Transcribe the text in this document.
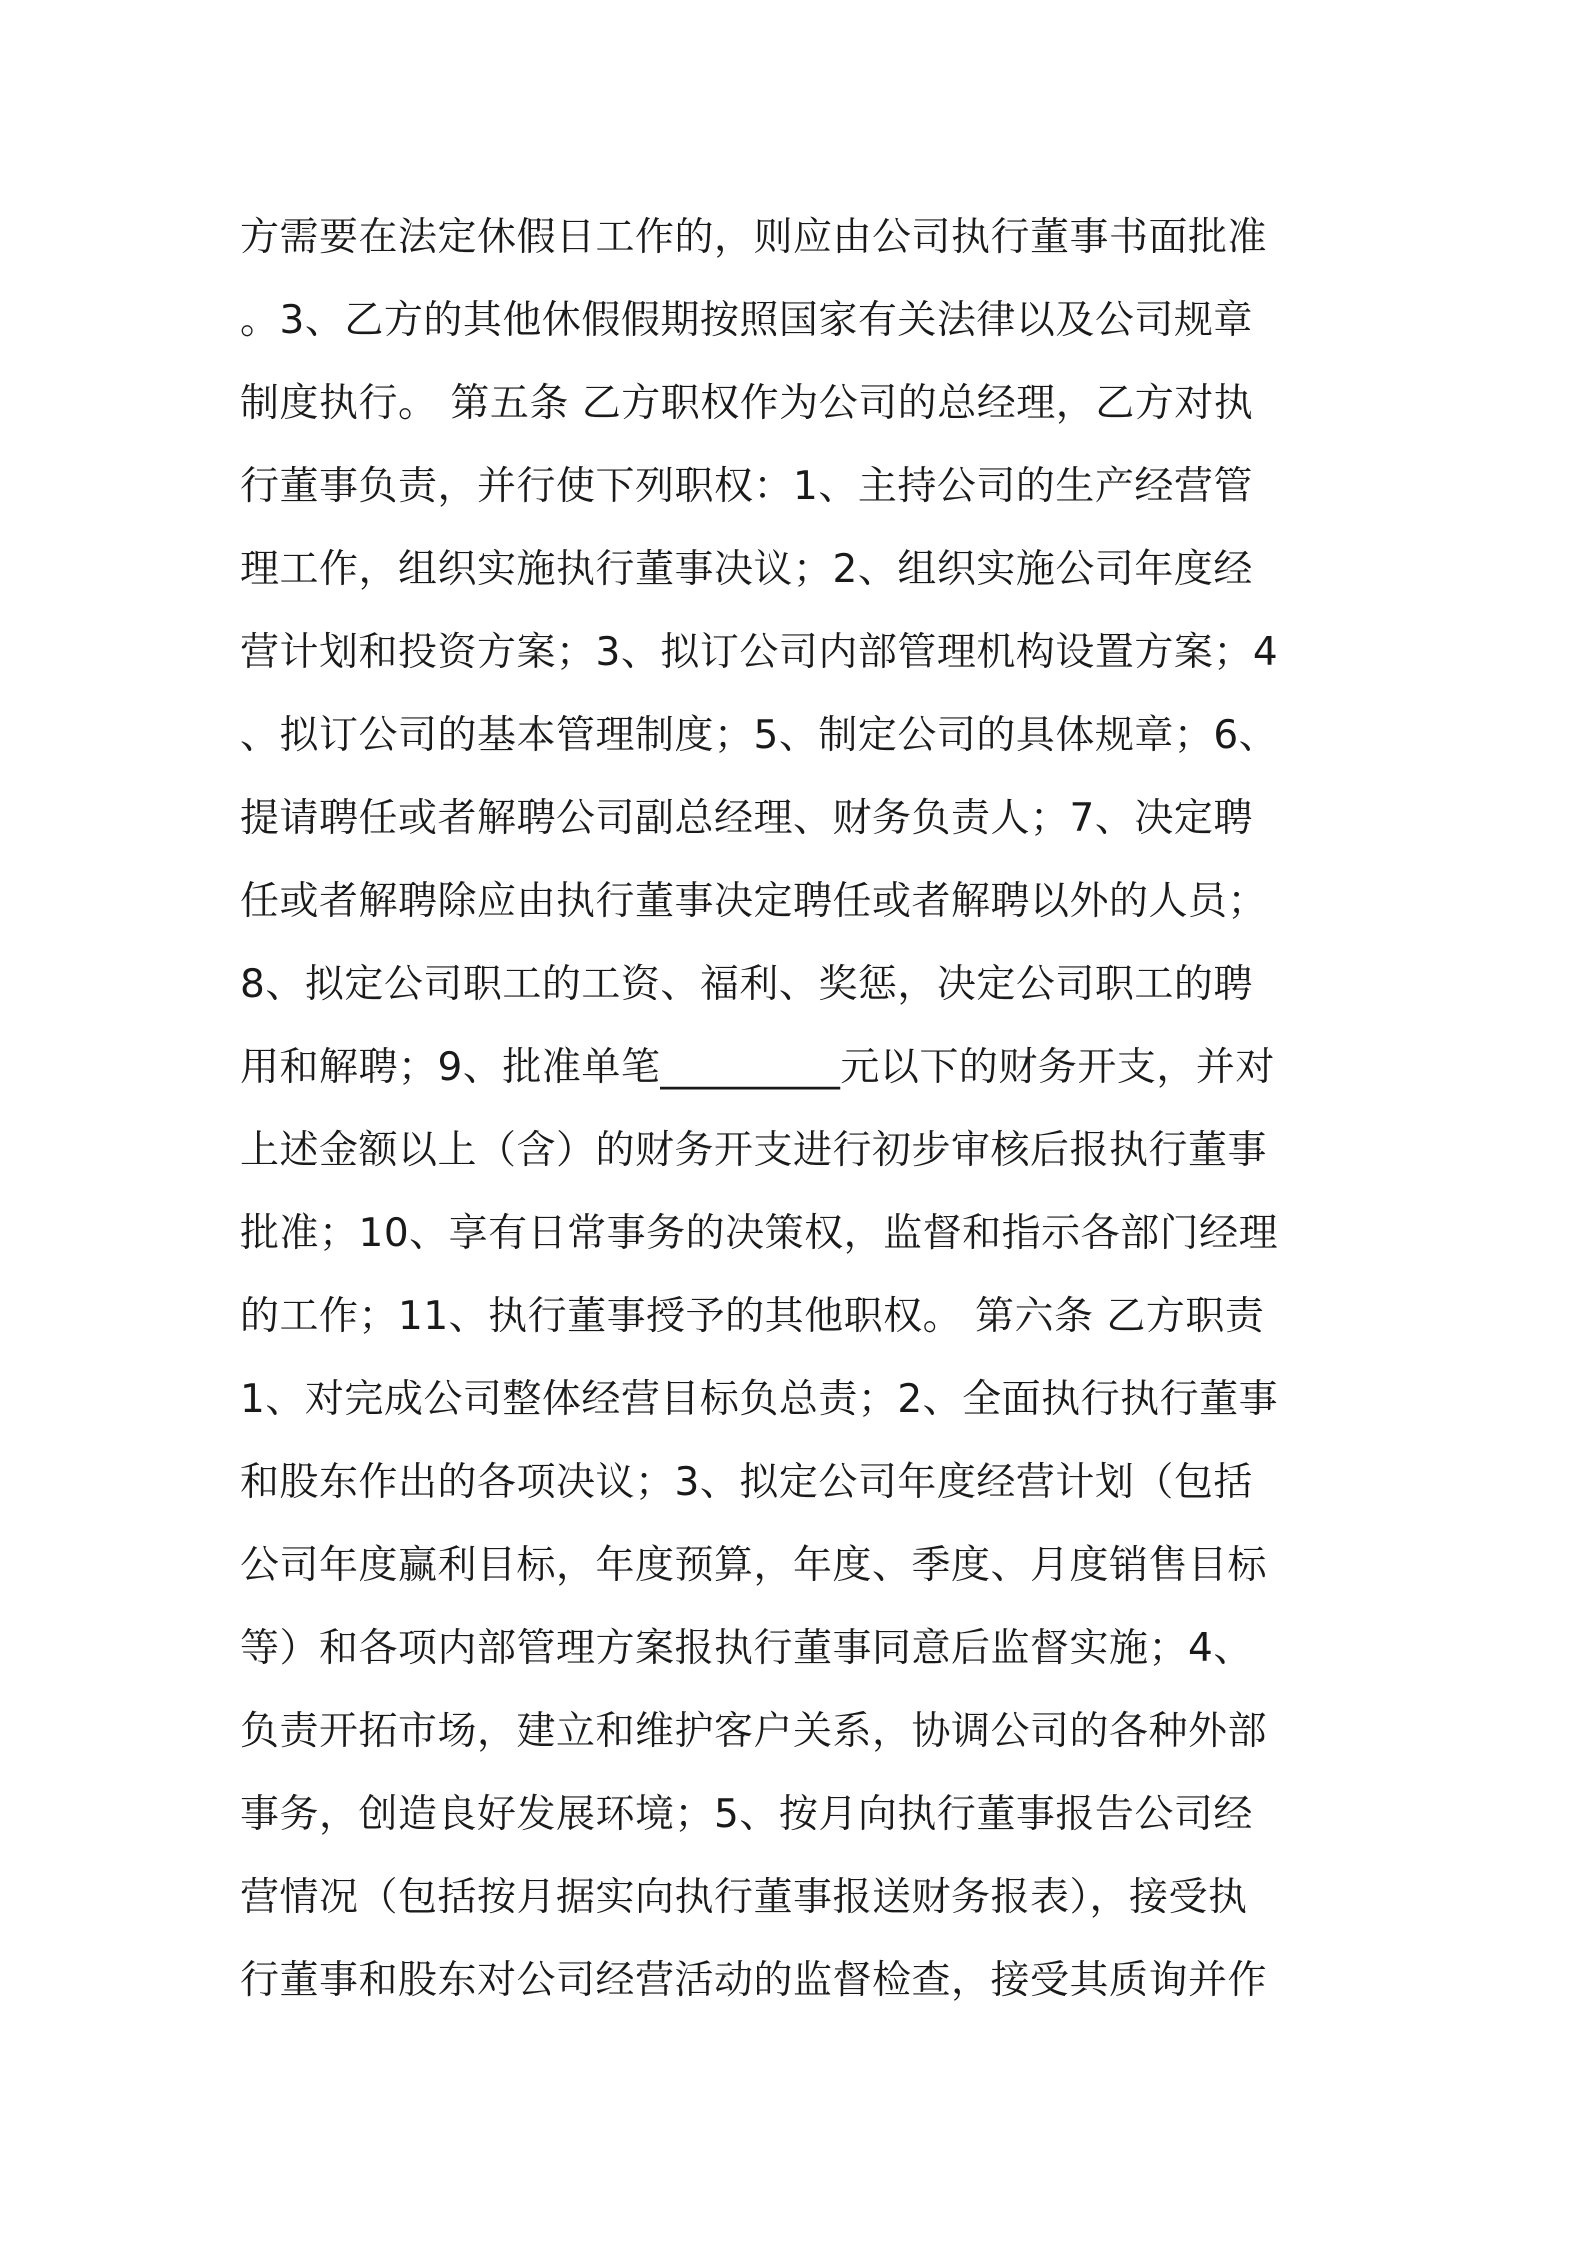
方需要在法定休假日工作的，则应由公司执行董事书面批准
。3、乙方的其他休假假期按照国家有关法律以及公司规章
制度执行。 第五条 乙方职权作为公司的总经理，乙方对执
行董事负责，并行使下列职权：1、主持公司的生产经营管
理工作，组织实施执行董事决议；2、组织实施公司年度经
营计划和投资方案；3、拟订公司内部管理机构设置方案；4
、拟订公司的基本管理制度；5、制定公司的具体规章；6、
提请聘任或者解聘公司副总经理、财务负责人；7、决定聘
任或者解聘除应由执行董事决定聘任或者解聘以外的人员；
8、拟定公司职工的工资、福利、奖惩，决定公司职工的聘
用和解聘；9、批准单笔_________元以下的财务开支，并对
上述金额以上（含）的财务开支进行初步审核后报执行董事
批准；10、享有日常事务的决策权，监督和指示各部门经理
的工作；11、执行董事授予的其他职权。 第六条 乙方职责
1、对完成公司整体经营目标负总责；2、全面执行执行董事
和股东作出的各项决议；3、拟定公司年度经营计划（包括
公司年度赢利目标，年度预算，年度、季度、月度销售目标
等）和各项内部管理方案报执行董事同意后监督实施；4、
负责开拓市场，建立和维护客户关系，协调公司的各种外部
事务，创造良好发展环境；5、按月向执行董事报告公司经
营情况（包括按月据实向执行董事报送财务报表），接受执
行董事和股东对公司经营活动的监督检查，接受其质询并作
